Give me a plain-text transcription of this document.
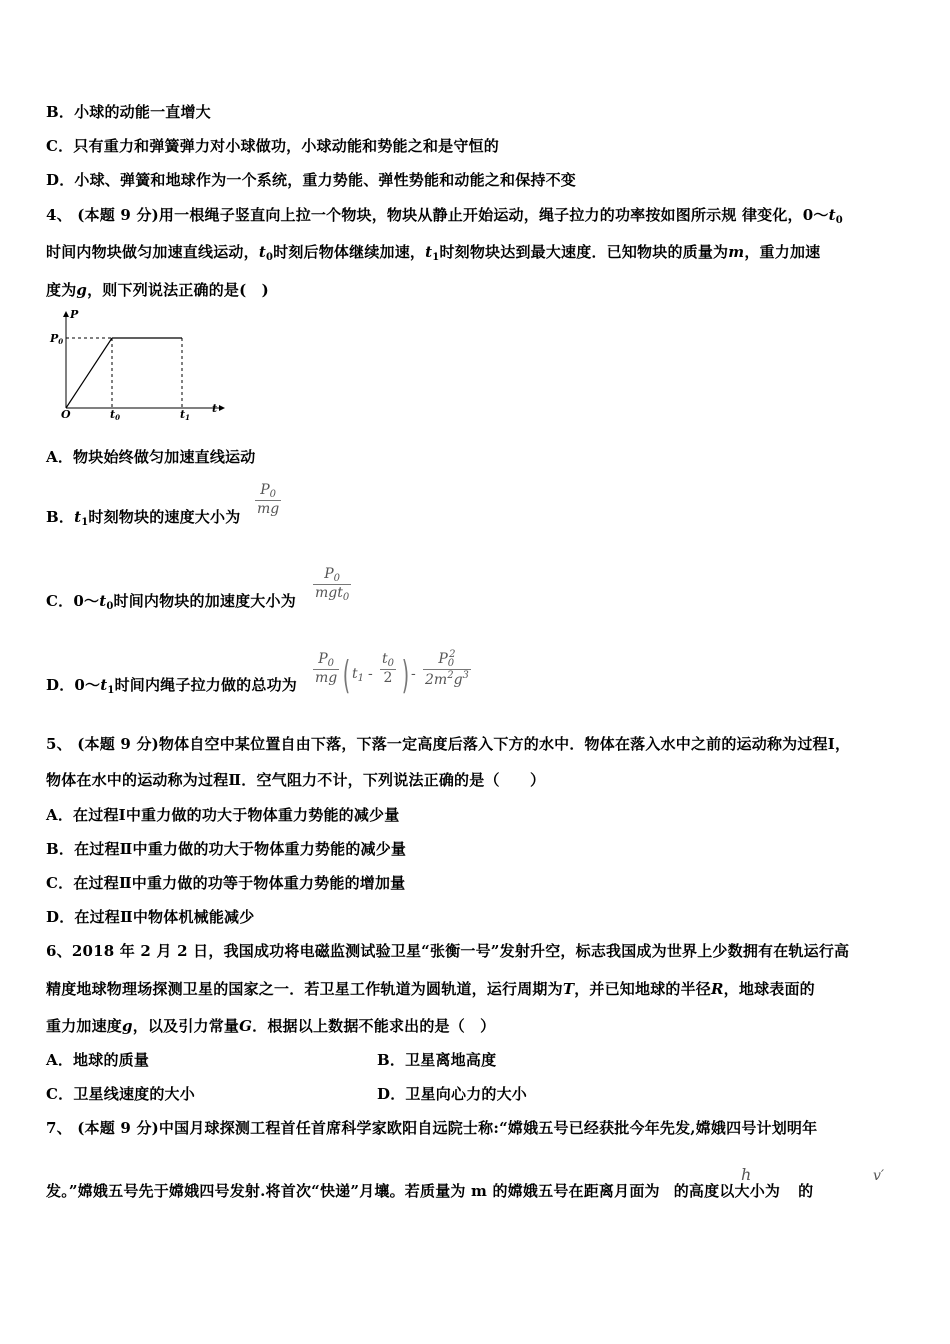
B．小球的动能一直增大
C．只有重力和弹簧弹力对小球做功，小球动能和势能之和是守恒的
D．小球、弹簧和地球作为一个系统，重力势能、弹性势能和动能之和保持不变
4、 (本题 9 分)用一根绳子竖直向上拉一个物块，物块从静止开始运动，绳子拉力的功率按如图所示规 律变化，$0\sim t_0$
时间内物块做匀加速直线运动，$t_0$时刻后物体继续加速，$t_1$时刻物块达到最大速度．已知物块的质量为m，重力加速
度为g，则下列说法正确的是(　)
P
P0
O	t0	t1
t
A．物块始终做匀加速直线运动
B．$t_1$时刻物块的速度大小为
$P_0$
mg
C．$0\sim t_0$时间内物块的加速度大小为
$P_0$
mgt$_0$
D．$0\sim t_1$时间内绳子拉力做的总功为
$P_0$
mg ( $t_1$ -
$t_0$
2 ) -
$P_0^2$
$2m^2g^3$
5、 (本题 9 分)物体自空中某位置自由下落，下落一定高度后落入下方的水中．物体在落入水中之前的运动称为过程Ⅰ，
物体在水中的运动称为过程Ⅱ．空气阻力不计，下列说法正确的是（　　）
A．在过程Ⅰ中重力做的功大于物体重力势能的减少量
B．在过程Ⅱ中重力做的功大于物体重力势能的减少量
C．在过程Ⅱ中重力做的功等于物体重力势能的增加量
D．在过程Ⅱ中物体机械能减少
6、2018 年 2 月 2 日，我国成功将电磁监测试验卫星“张衡一号”发射升空，标志我国成为世界上少数拥有在轨运行高
精度地球物理场探测卫星的国家之一．若卫星工作轨道为圆轨道，运行周期为T，并已知地球的半径R，地球表面的
重力加速度g，以及引力常量G．根据以上数据不能求出的是（　）
A．地球的质量	B．卫星离地高度
C．卫星线速度的大小	D．卫星向心力的大小
7、 (本题 9 分)中国月球探测工程首任首席科学家欧阳自远院士称:“嫦娥五号已经获批今年先发,嫦娥四号计划明年
发。”嫦娥五号先于嫦娥四号发射.将首次“快递”月壤。若质量为 m 的嫦娥五号在距离月面为 的高度以大小为 的
h	v′
